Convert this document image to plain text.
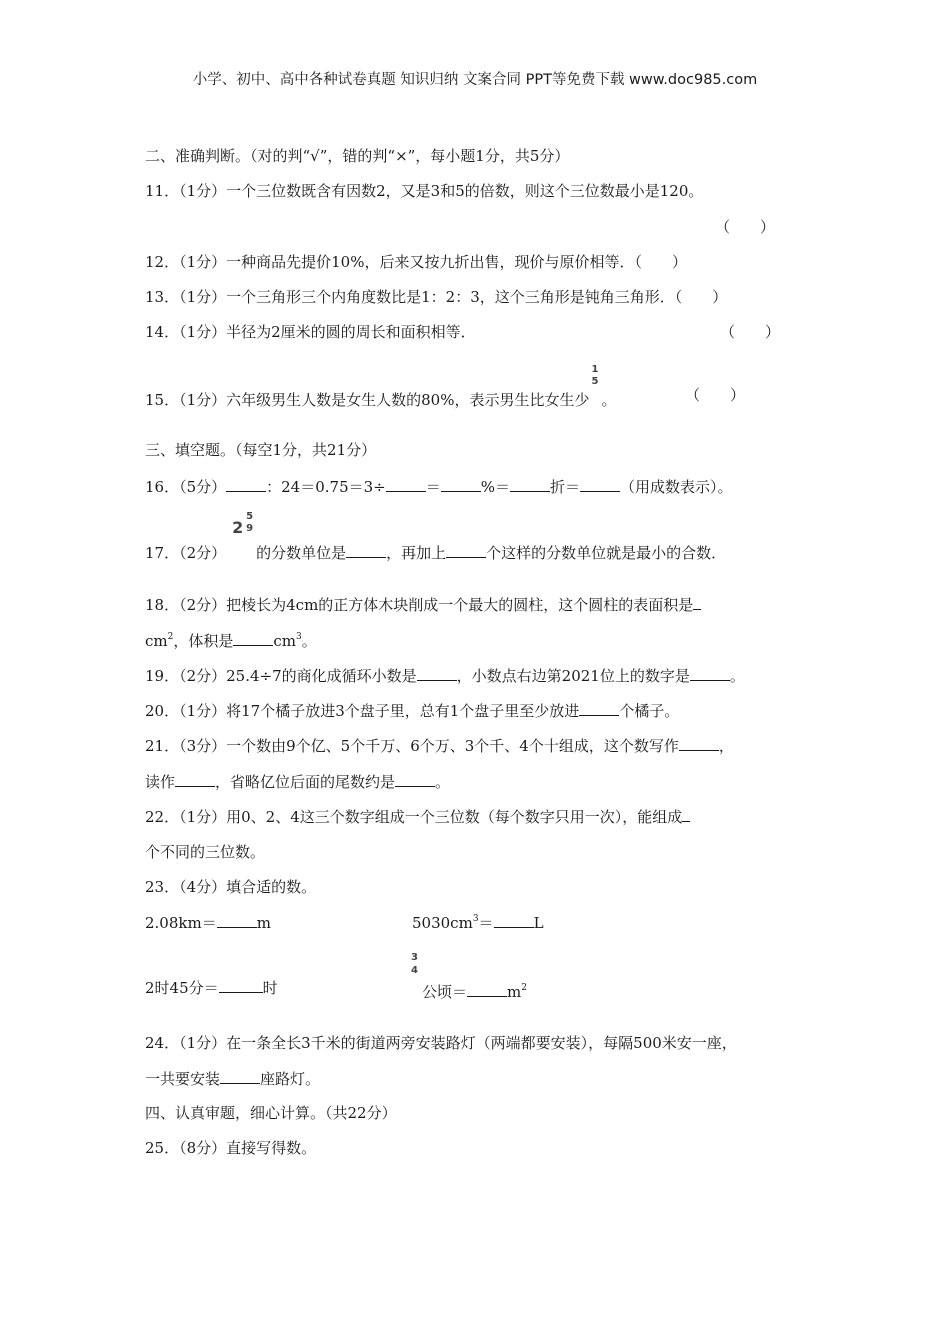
小学、初中、高中各种试卷真题 知识归纳 文案合同 PPT等免费下载 www.doc985.com
二、准确判断。（对的判“√”，错的判“×”，每小题1分，共5分）
11．（1分）一个三位数既含有因数2，又是3和5的倍数，则这个三位数最小是120。
（　　）
12．（1分）一种商品先提价10%，后来又按九折出售，现价与原价相等．（　　）
13．（1分）一个三角形三个内角度数比是1：2：3，这个三角形是钝角三角形．（　　）
14．（1分）半径为2厘米的圆的周长和面积相等．	（　　）
15．（1分）六年级男生人数是女生人数的80%，表示男生比女生少
1
5
。	（　　）
三、填空题。（每空1分，共21分）
16．（5分）	：24＝0.75＝3÷	＝	%＝	折＝	（用成数表示）。
17．（2分）
2
5
9
的分数单位是	，再加上	个这样的分数单位就是最小的合数．
18．（2分）把棱长为4cm的正方体木块削成一个最大的圆柱，这个圆柱的表面积是
$cm^2$，体积是	$cm^3$。
19．（2分）25.4÷7的商化成循环小数是	，小数点右边第2021位上的数字是	。
20．（1分）将17个橘子放进3个盘子里，总有1个盘子里至少放进	个橘子。
21．（3分）一个数由9个亿、5个千万、6个万、3个千、4个十组成，这个数写作	，
读作	，省略亿位后面的尾数约是	。
22．（1分）用0、2、4这三个数字组成一个三位数（每个数字只用一次），能组成
个不同的三位数。
23．（4分）填合适的数。
2.08km＝	m	$5030cm^3=$	L
2时45分＝	时
3
4
公顷＝	$m^2$
24．（1分）在一条全长3千米的街道两旁安装路灯（两端都要安装），每隔500米安一座，
一共要安装	座路灯。
四、认真审题，细心计算。（共22分）
25．（8分）直接写得数。
